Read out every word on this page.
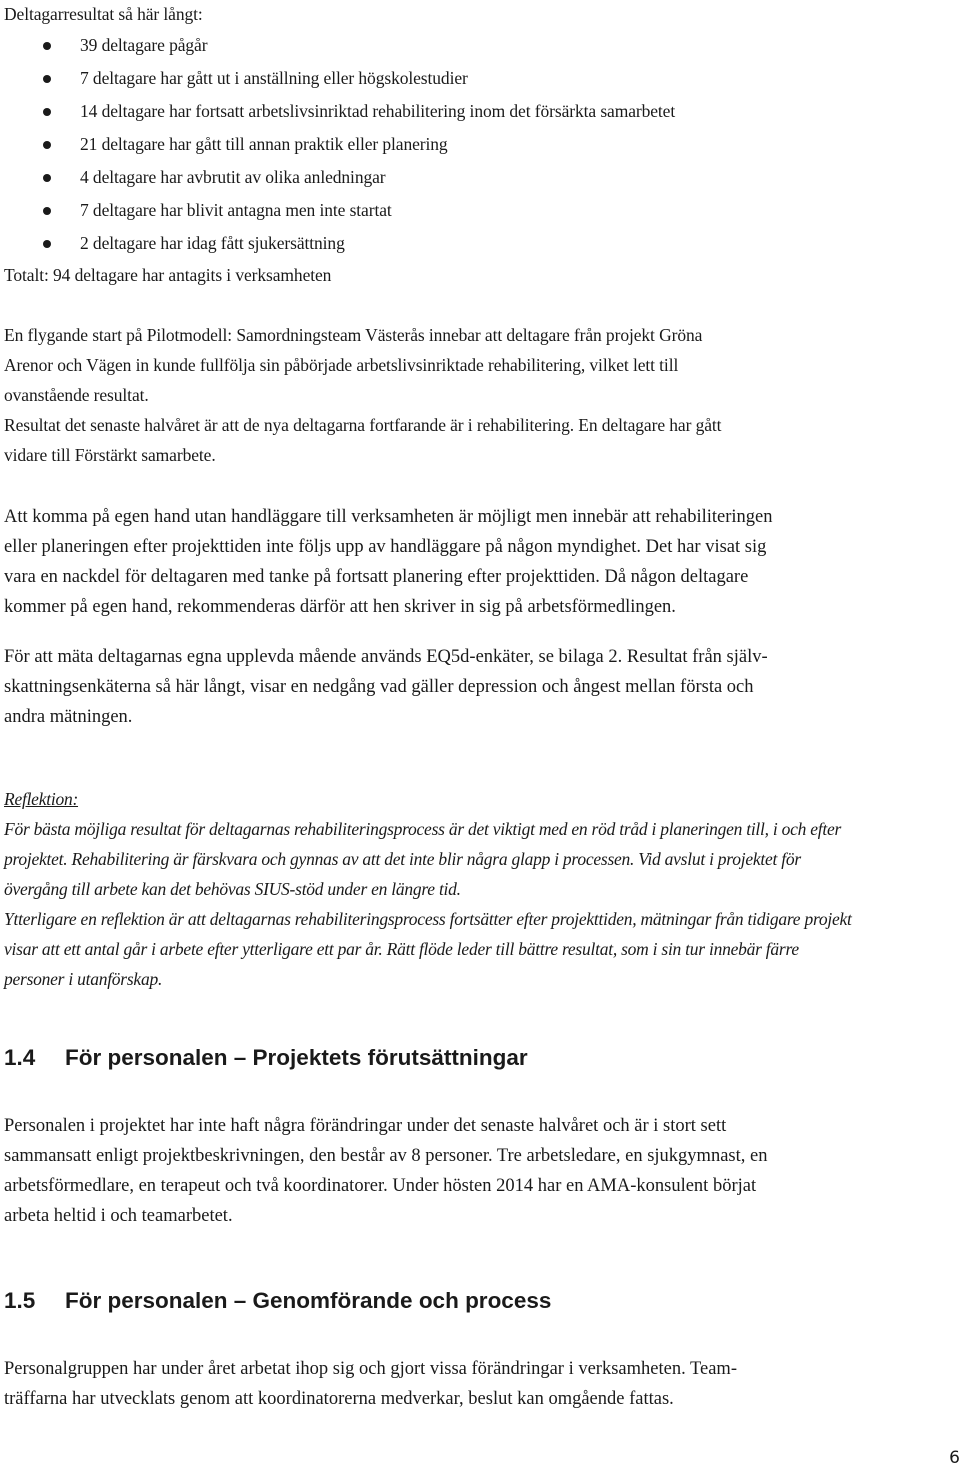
Deltagarresultat så här långt:

39 deltagare pågår
7 deltagare har gått ut i anställning eller högskolestudier
14 deltagare har fortsatt arbetslivsinriktad rehabilitering inom det försärkta samarbetet
21 deltagare har gått till annan praktik eller planering
4 deltagare har avbrutit av olika anledningar
7 deltagare har blivit antagna men inte startat
2 deltagare har idag fått sjukersättning

Totalt: 94 deltagare har antagits i verksamheten

En flygande start på Pilotmodell: Samordningsteam Västerås innebar att deltagare från projekt Gröna

Arenor och Vägen in kunde fullfölja sin påbörjade arbetslivsinriktade rehabilitering, vilket lett till

ovanstående resultat.

Resultat det senaste halvåret är att de nya deltagarna fortfarande är i rehabilitering. En deltagare har gått

vidare till Förstärkt samarbete.

Att komma på egen hand utan handläggare till verksamheten är möjligt men innebär att rehabiliteringen

eller planeringen efter projekttiden inte följs upp av handläggare på någon myndighet. Det har visat sig

vara en nackdel för deltagaren med tanke på fortsatt planering efter projekttiden. Då någon deltagare

kommer på egen hand, rekommenderas därför att hen skriver in sig på arbetsförmedlingen.

För att mäta deltagarnas egna upplevda mående används EQ5d-enkäter, se bilaga 2. Resultat från själv-

skattningsenkäterna så här långt, visar en nedgång vad gäller depression och ångest mellan första och

andra mätningen.

Reflektion:

För bästa möjliga resultat för deltagarnas rehabiliteringsprocess är det viktigt med en röd tråd i planeringen till, i och efter

projektet. Rehabilitering är färskvara och gynnas av att det inte blir några glapp i processen. Vid avslut i projektet för

övergång till arbete kan det behövas SIUS-stöd under en längre tid.

Ytterligare en reflektion är att deltagarnas rehabiliteringsprocess fortsätter efter projekttiden, mätningar från tidigare projekt

visar att ett antal går i arbete efter ytterligare ett par år. Rätt flöde leder till bättre resultat, som i sin tur innebär färre

personer i utanförskap.

1.4 För personalen – Projektets förutsättningar

Personalen i projektet har inte haft några förändringar under det senaste halvåret och är i stort sett

sammansatt enligt projektbeskrivningen, den består av 8 personer. Tre arbetsledare, en sjukgymnast, en

arbetsförmedlare, en terapeut och två koordinatorer. Under hösten 2014 har en AMA-konsulent börjat

arbeta heltid i och teamarbetet.

1.5 För personalen – Genomförande och process

Personalgruppen har under året arbetat ihop sig och gjort vissa förändringar i verksamheten. Team-

träffarna har utvecklats genom att koordinatorerna medverkar, beslut kan omgående fattas.

6
